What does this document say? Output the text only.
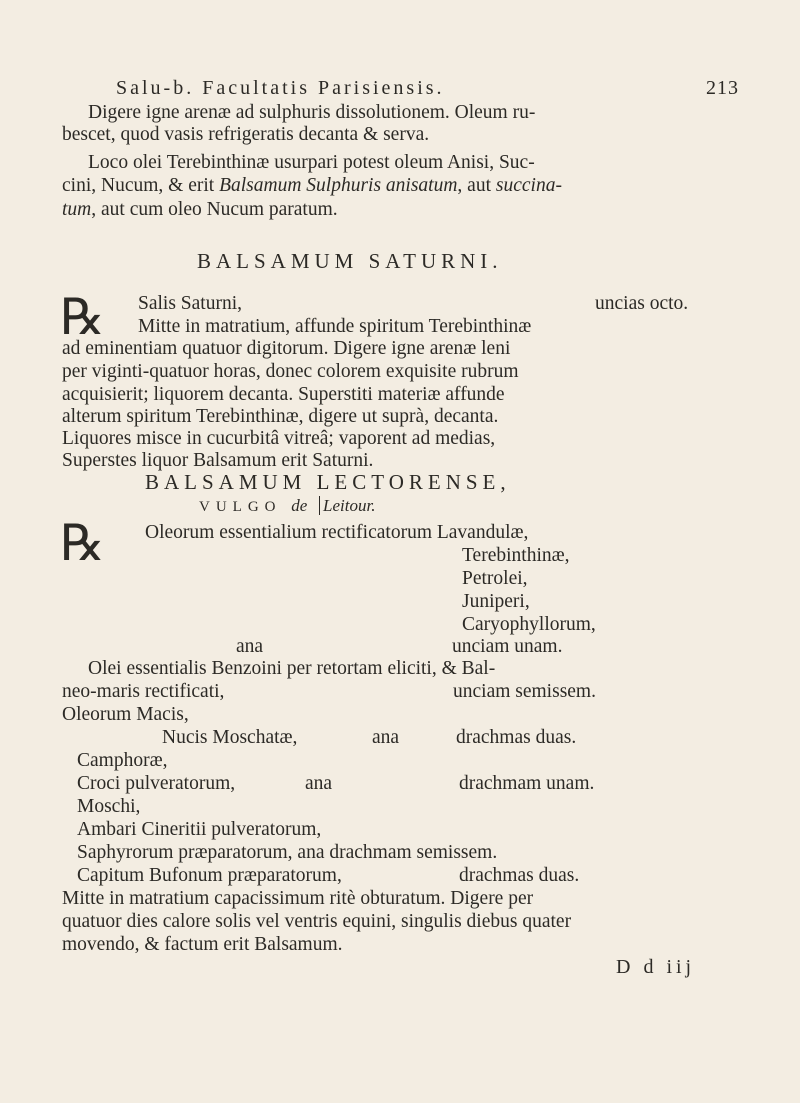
Salu-b. Facultatis Parisiensis.	213
Digere igne arenæ ad sulphuris dissolutionem. Oleum ru-
bescet, quod vasis refrigeratis decanta & serva.
Loco olei Terebinthinæ usurpari potest oleum Anisi, Suc-
cini, Nucum, & erit Balsamum Sulphuris anisatum, aut succina-
tum, aut cum oleo Nucum paratum.
BALSAMUM SATURNI.
℞ Salis Saturni,	uncias octo.
Mitte in matratium, affunde spiritum Terebinthinæ
ad eminentiam quatuor digitorum. Digere igne arenæ leni
per viginti-quatuor horas, donec colorem exquisite rubrum
acquisierit; liquorem decanta. Superstiti materiæ affunde
alterum spiritum Terebinthinæ, digere ut suprà, decanta.
Liquores misce in cucurbitâ vitreâ; vaporent ad medias,
Superstes liquor Balsamum erit Saturni.
BALSAMUM LECTORENSE,
VULGO de Leitour.
℞ Oleorum essentialium rectificatorum Lavandulæ,
Terebinthinæ,
Petrolei,
Juniperi,
Caryophyllorum,
ana	unciam unam.
Olei essentialis Benzoini per retortam eliciti, & Bal-
neo-maris rectificati,	unciam semissem.
Oleorum Macis,
Nucis Moschatæ,	ana	drachmas duas.
Camphoræ,
Croci pulveratorum,	ana	drachmam unam.
Moschi,
Ambari Cineritii pulveratorum,
Saphyrorum præparatorum, ana drachmam semissem.
Capitum Bufonum præparatorum,	drachmas duas.
Mitte in matratium capacissimum ritè obturatum. Digere per
quatuor dies calore solis vel ventris equini, singulis diebus quater
movendo, & factum erit Balsamum.
D d iij
